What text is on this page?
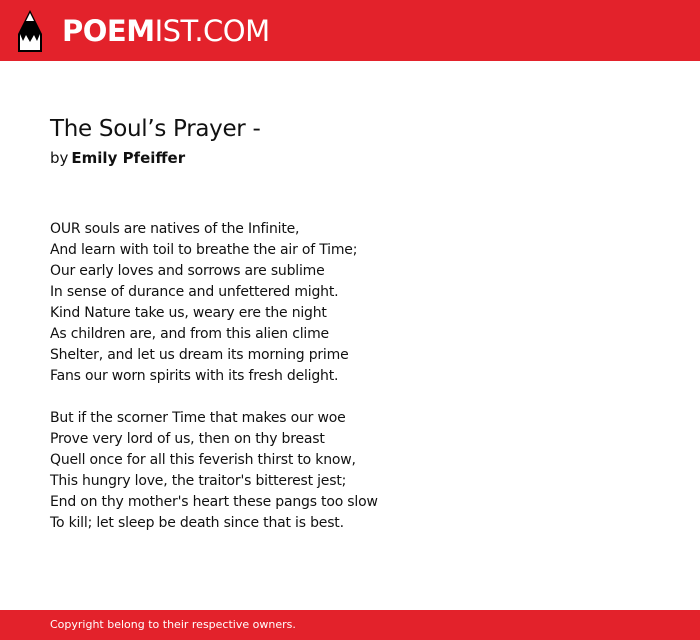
POEMIST.COM
The Soul’s Prayer -
by Emily Pfeiffer
OUR souls are natives of the Infinite,
And learn with toil to breathe the air of Time;
Our early loves and sorrows are sublime
In sense of durance and unfettered might.
Kind Nature take us, weary ere the night
As children are, and from this alien clime
Shelter, and let us dream its morning prime
Fans our worn spirits with its fresh delight.
But if the scorner Time that makes our woe
Prove very lord of us, then on thy breast
Quell once for all this feverish thirst to know,
This hungry love, the traitor's bitterest jest;
End on thy mother's heart these pangs too slow
To kill; let sleep be death since that is best.
Copyright belong to their respective owners.
